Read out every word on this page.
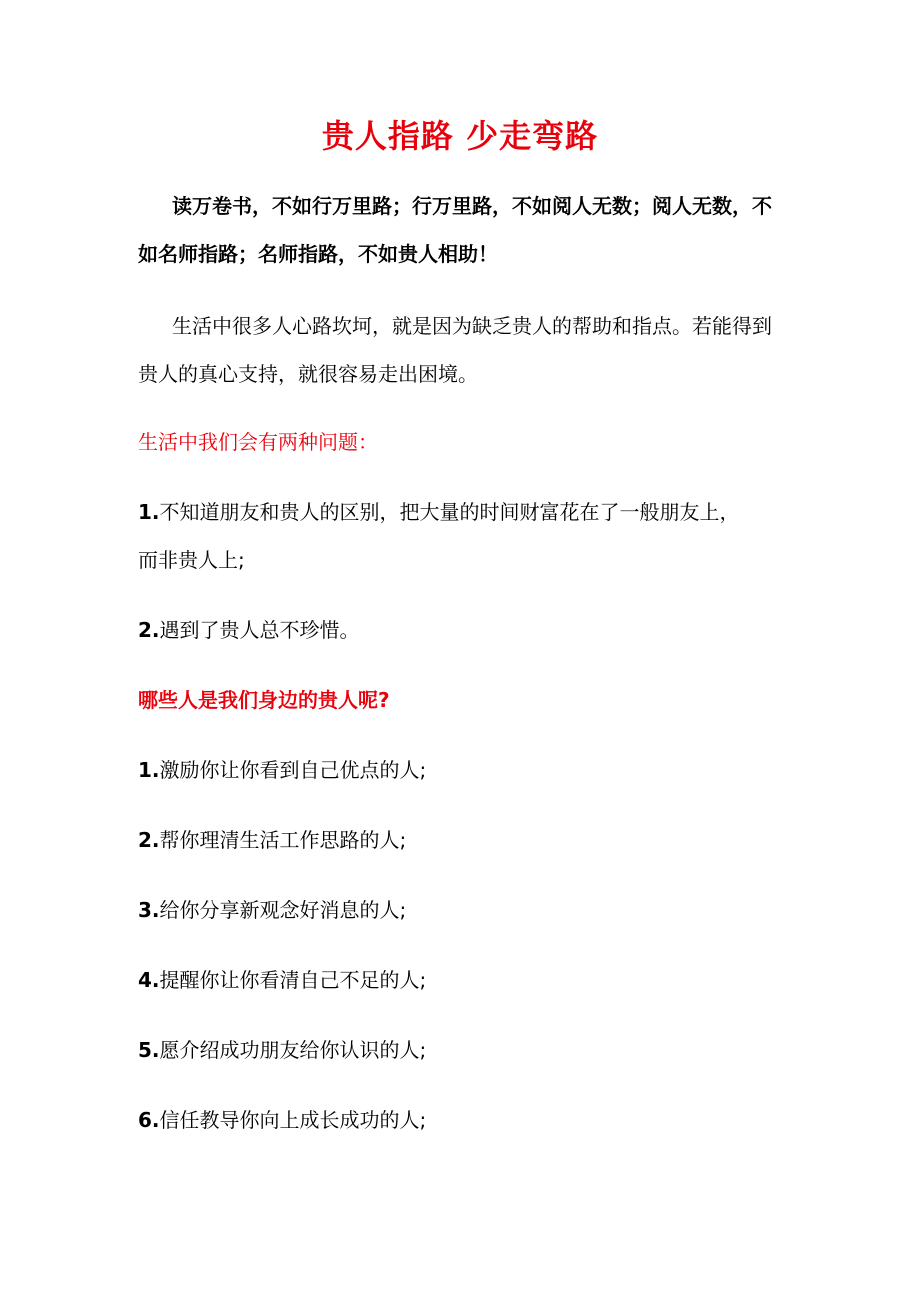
贵人指路 少走弯路

读万卷书，不如行万里路；行万里路，不如阅人无数；阅人无数，不如名师指路；名师指路，不如贵人相助！

生活中很多人心路坎坷，就是因为缺乏贵人的帮助和指点。若能得到贵人的真心支持，就很容易走出困境。

生活中我们会有两种问题：
1.不知道朋友和贵人的区别，把大量的时间财富花在了一般朋友上，
而非贵人上;
2.遇到了贵人总不珍惜。
哪些人是我们身边的贵人呢?
1.激励你让你看到自己优点的人;
2.帮你理清生活工作思路的人;
3.给你分享新观念好消息的人;
4.提醒你让你看清自己不足的人;
5.愿介绍成功朋友给你认识的人;
6.信任教导你向上成长成功的人;
